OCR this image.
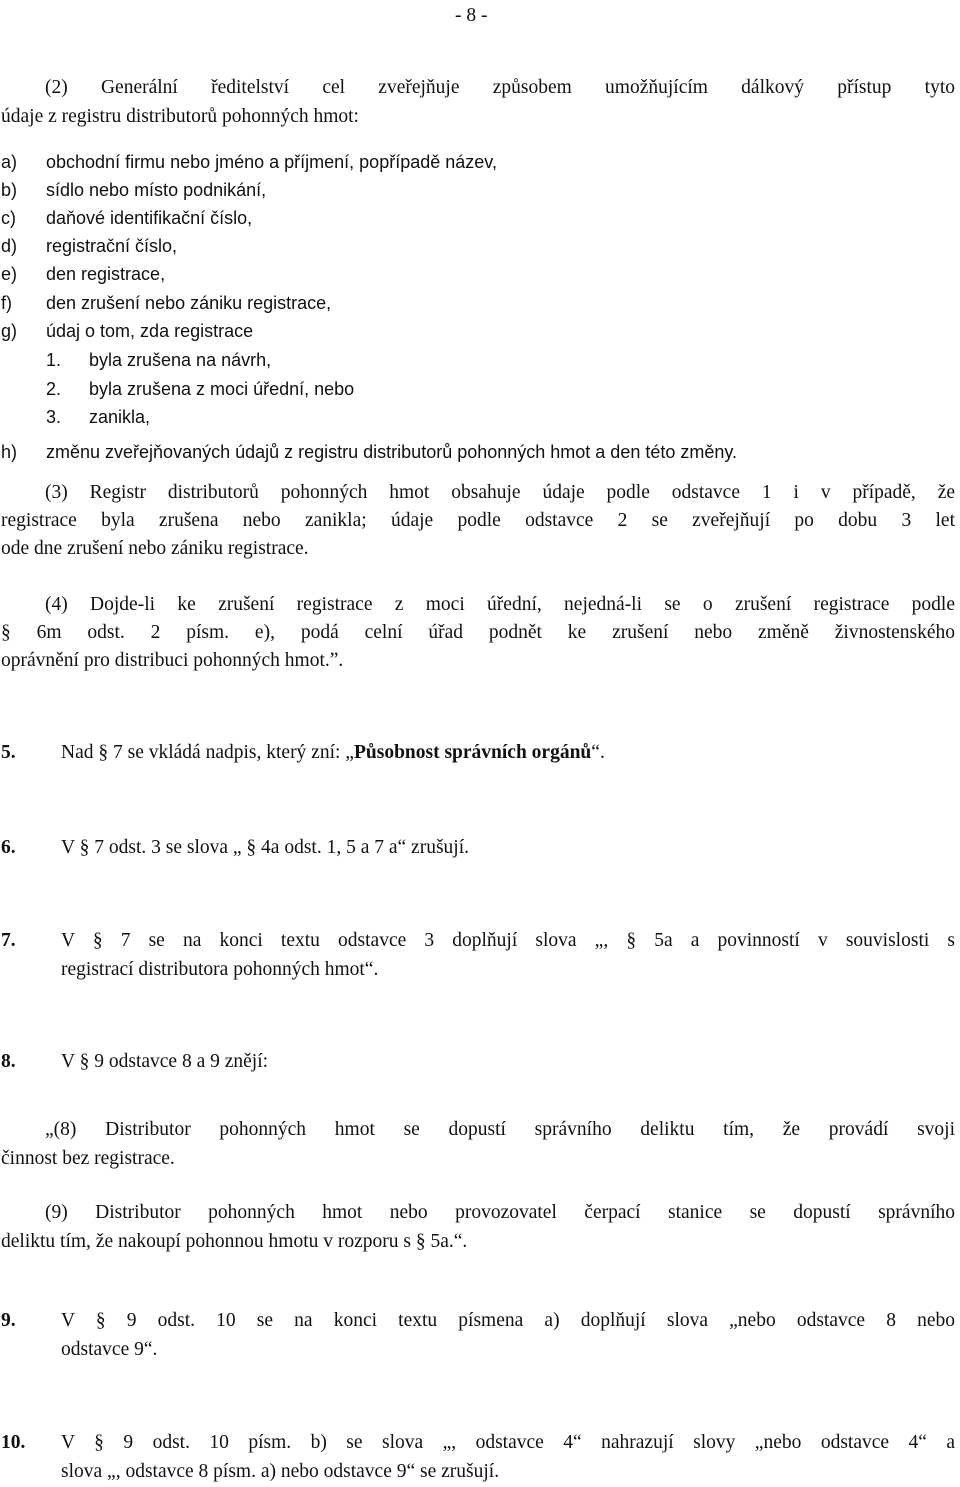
- 8 -
(2) Generální ředitelství cel zveřejňuje způsobem umožňujícím dálkový přístup tyto
údaje z registru distributorů pohonných hmot:
a) obchodní firmu nebo jméno a příjmení, popřípadě název,
b) sídlo nebo místo podnikání,
c) daňové identifikační číslo,
d) registrační číslo,
e) den registrace,
f) den zrušení nebo zániku registrace,
g) údaj o tom, zda registrace
1. byla zrušena na návrh,
2. byla zrušena z moci úřední, nebo
3. zanikla,
h) změnu zveřejňovaných údajů z registru distributorů pohonných hmot a den této změny.
(3) Registr distributorů pohonných hmot obsahuje údaje podle odstavce 1 i v případě, že
registrace byla zrušena nebo zanikla; údaje podle odstavce 2 se zveřejňují po dobu 3 let
ode dne zrušení nebo zániku registrace.
(4) Dojde-li ke zrušení registrace z moci úřední, nejedná-li se o zrušení registrace podle
§ 6m odst. 2 písm. e), podá celní úřad podnět ke zrušení nebo změně živnostenského
oprávnění pro distribuci pohonných hmot.ˮ.
5. Nad § 7 se vkládá nadpis, který zní: „Působnost správních orgánů“.
6. V § 7 odst. 3 se slova „ § 4a odst. 1, 5 a 7 a“ zrušují.
7. V § 7 se na konci textu odstavce 3 doplňují slova „, § 5a a povinností v souvislosti s
registrací distributora pohonných hmot“.
8. V § 9 odstavce 8 a 9 znějí:
„(8) Distributor pohonných hmot se dopustí správního deliktu tím, že provádí svoji
činnost bez registrace.
(9) Distributor pohonných hmot nebo provozovatel čerpací stanice se dopustí správního
deliktu tím, že nakoupí pohonnou hmotu v rozporu s § 5a.“.
9. V § 9 odst. 10 se na konci textu písmena a) doplňují slova „nebo odstavce 8 nebo
odstavce 9“.
10. V § 9 odst. 10 písm. b) se slova „, odstavce 4“ nahrazují slovy „nebo odstavce 4“ a
slova „, odstavce 8 písm. a) nebo odstavce 9“ se zrušují.
